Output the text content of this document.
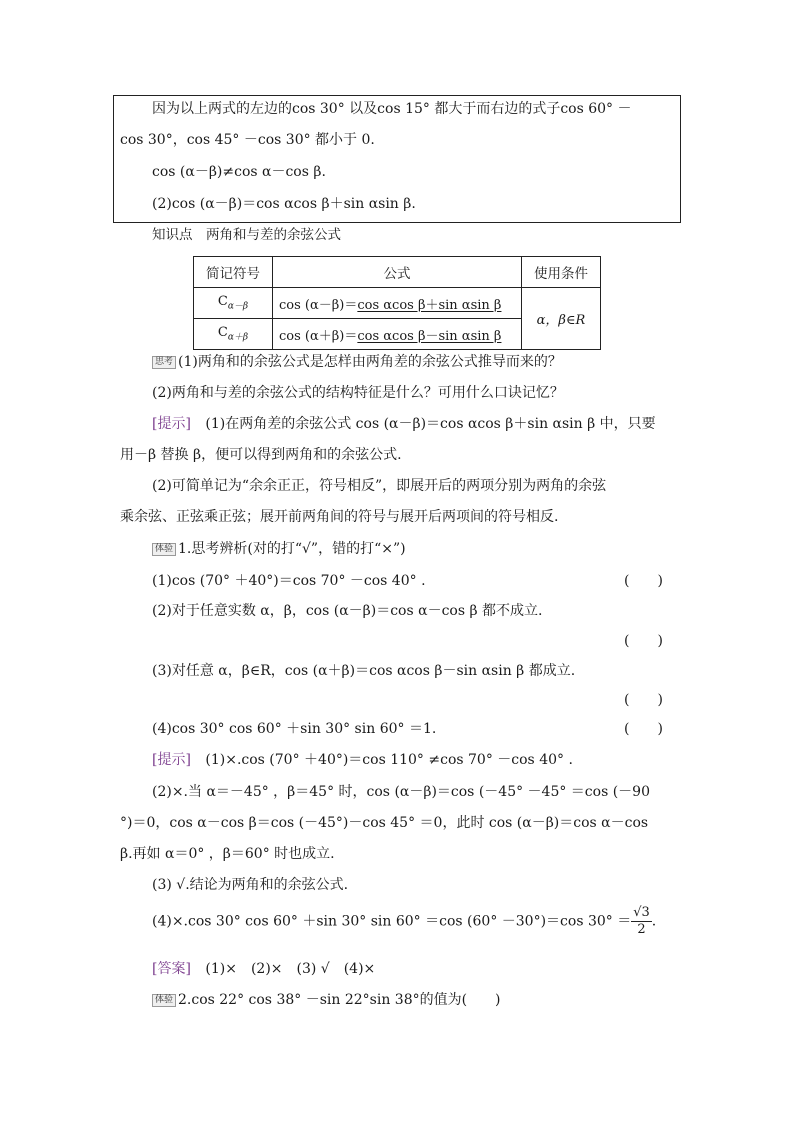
因为以上两式的左边的cos 30° 以及cos 15° 都大于而右边的式子cos 60° －
cos 30°，cos 45° －cos 30° 都小于 0.
cos (α－β)≠cos α－cos β.
(2)cos (α－β)＝cos αcos β＋sin αsin β.
知识点　两角和与差的余弦公式
简记符号	公式	使用条件
$C_{\alpha-\beta}$	cos (α－β)＝cos αcos β＋sin αsin β	α，β∈R
$C_{\alpha+\beta}$	cos (α＋β)＝cos αcos β－sin αsin β	
思考 (1)两角和的余弦公式是怎样由两角差的余弦公式推导而来的？
(2)两角和与差的余弦公式的结构特征是什么？可用什么口诀记忆？
[提示] (1)在两角差的余弦公式 cos (α－β)＝cos αcos β＋sin αsin β 中，只要
用－β 替换 β，便可以得到两角和的余弦公式.
(2)可简单记为“余余正正，符号相反”，即展开后的两项分别为两角的余弦
乘余弦、正弦乘正弦；展开前两角间的符号与展开后两项间的符号相反.
体验 1.思考辨析(对的打“√”，错的打“×”)
(1)cos (70° ＋40°)＝cos 70° －cos 40° .	(　　)
(2)对于任意实数 α，β，cos (α－β)＝cos α－cos β 都不成立.
(　　)
(3)对任意 α，β∈R，cos (α＋β)＝cos αcos β－sin αsin β 都成立.
(　　)
(4)cos 30° cos 60° ＋sin 30° sin 60° ＝1.	(　　)
[提示] (1)×.cos (70° ＋40°)＝cos 110° ≠cos 70° －cos 40° .
(2)×.当 α＝－45° ，β＝45° 时，cos (α－β)＝cos (－45° －45° ＝cos (－90
°)＝0，cos α－cos β＝cos (－45°)－cos 45° ＝0，此时 cos (α－β)＝cos α－cos
β.再如 α＝0° ，β＝60° 时也成立.
(3) √.结论为两角和的余弦公式.
(4)×.cos 30° cos 60° ＋sin 30° sin 60° ＝cos (60° －30°)＝cos $30^\circ = \frac{√3}{2}$ .
[答案] (1)×　(2)×　(3) √　(4)×
体验 2.cos 22° cos 38° －sin 22°sin 38°的值为(　　)
